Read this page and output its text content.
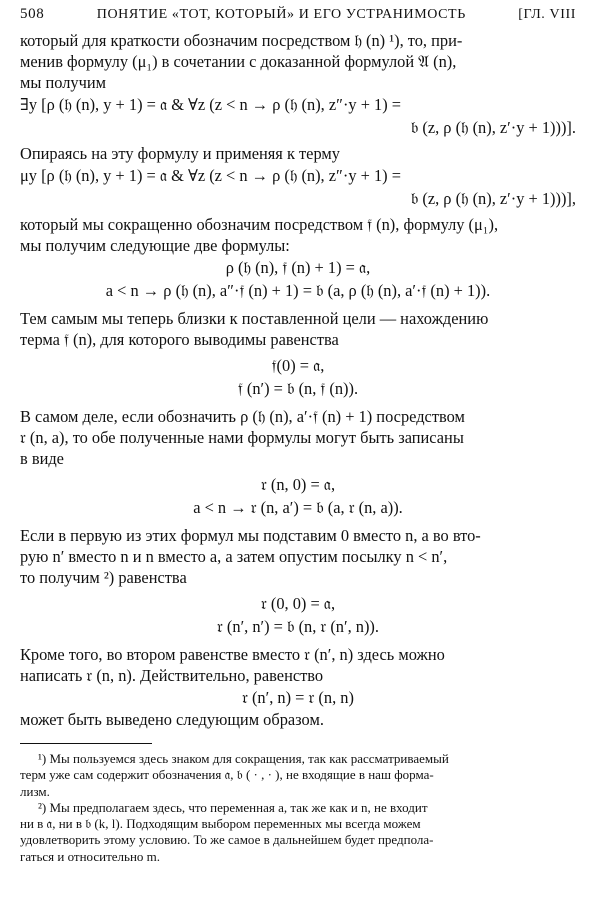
508	ПОНЯТИЕ «ТОТ, КОТОРЫЙ» И ЕГО УСТРАНИМОСТЬ	[ГЛ. VIII

который для краткости обозначим посредством 𝔥 (n) ¹), то, при-
менив формулу (μ₁) в сочетании с доказанной формулой 𝔄 (n),
мы получим

∃y [ρ (𝔥 (n), y + 1) = 𝔞 & ∀z (z < n → ρ (𝔥 (n), z″·y + 1) =

𝔟 (z, ρ (𝔥 (n), z′·y + 1)))].

Опираясь на эту формулу и применяя к терму

μy [ρ (𝔥 (n), y + 1) = 𝔞 & ∀z (z < n → ρ (𝔥 (n), z″·y + 1) =

𝔟 (z, ρ (𝔥 (n), z′·y + 1)))],

который мы сокращенно обозначим посредством 𝔣 (n), формулу (μ₁),
мы получим следующие две формулы:

ρ (𝔥 (n), 𝔣 (n) + 1) = 𝔞,

a < n → ρ (𝔥 (n), a″·𝔣 (n) + 1) = 𝔟 (a, ρ (𝔥 (n), a′·𝔣 (n) + 1)).

Тем самым мы теперь близки к поставленной цели — нахождению
терма 𝔣 (n), для которого выводимы равенства

𝔣(0) = 𝔞,

𝔣 (n′) = 𝔟 (n, 𝔣 (n)).

В самом деле, если обозначить ρ (𝔥 (n), a′·𝔣 (n) + 1) посредством
𝔯 (n, a), то обе полученные нами формулы могут быть записаны
в виде

𝔯 (n, 0) = 𝔞,

a < n → 𝔯 (n, a′) = 𝔟 (a, 𝔯 (n, a)).

Если в первую из этих формул мы подставим 0 вместо n, а во вто-
рую n′ вместо n и n вместо a, а затем опустим посылку n < n′,
то получим ²) равенства

𝔯 (0, 0) = 𝔞,

𝔯 (n′, n′) = 𝔟 (n, 𝔯 (n′, n)).

Кроме того, во втором равенстве вместо 𝔯 (n′, n) здесь можно
написать 𝔯 (n, n). Действительно, равенство

𝔯 (n′, n) = 𝔯 (n, n)

может быть выведено следующим образом.

¹) Мы пользуемся здесь знаком для сокращения, так как рассматриваемый
терм уже сам содержит обозначения 𝔞, 𝔟 ( · , · ), не входящие в наш форма-
лизм.

²) Мы предполагаем здесь, что переменная a, так же как и n, не входит
ни в 𝔞, ни в 𝔟 (k, l). Подходящим выбором переменных мы всегда можем
удовлетворить этому условию. То же самое в дальнейшем будет предпола-
гаться и относительно m.
